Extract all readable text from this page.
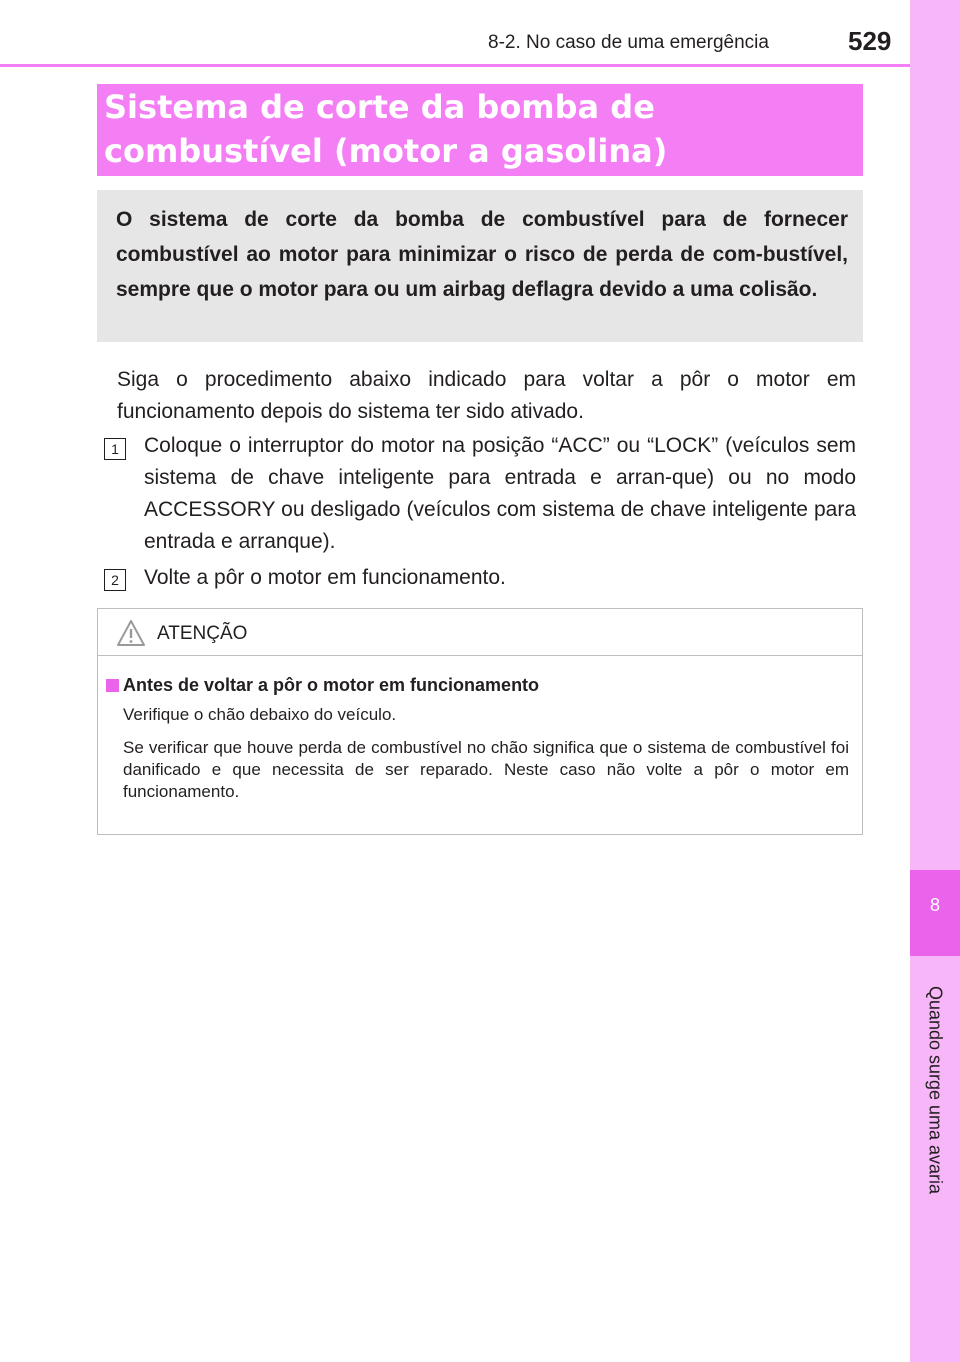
8-2. No caso de uma emergência	529
8
Quando surge uma avaria
Sistema de corte da bomba de combustível (motor a gasolina)

O sistema de corte da bomba de combustível para de fornecer combustível ao motor para minimizar o risco de perda de com-bustível, sempre que o motor para ou um airbag deflagra devido a uma colisão.

Siga o procedimento abaixo indicado para voltar a pôr o motor em funcionamento depois do sistema ter sido ativado.

1	Coloque o interruptor do motor na posição “ACC” ou “LOCK” (veículos sem sistema de chave inteligente para entrada e arran-que) ou no modo ACCESSORY ou desligado (veículos com sistema de chave inteligente para entrada e arranque).

2	Volte a pôr o motor em funcionamento.

ATENÇÃO
Antes de voltar a pôr o motor em funcionamento
Verifique o chão debaixo do veículo.

Se verificar que houve perda de combustível no chão significa que o sistema de combustível foi danificado e que necessita de ser reparado. Neste caso não volte a pôr o motor em funcionamento.
